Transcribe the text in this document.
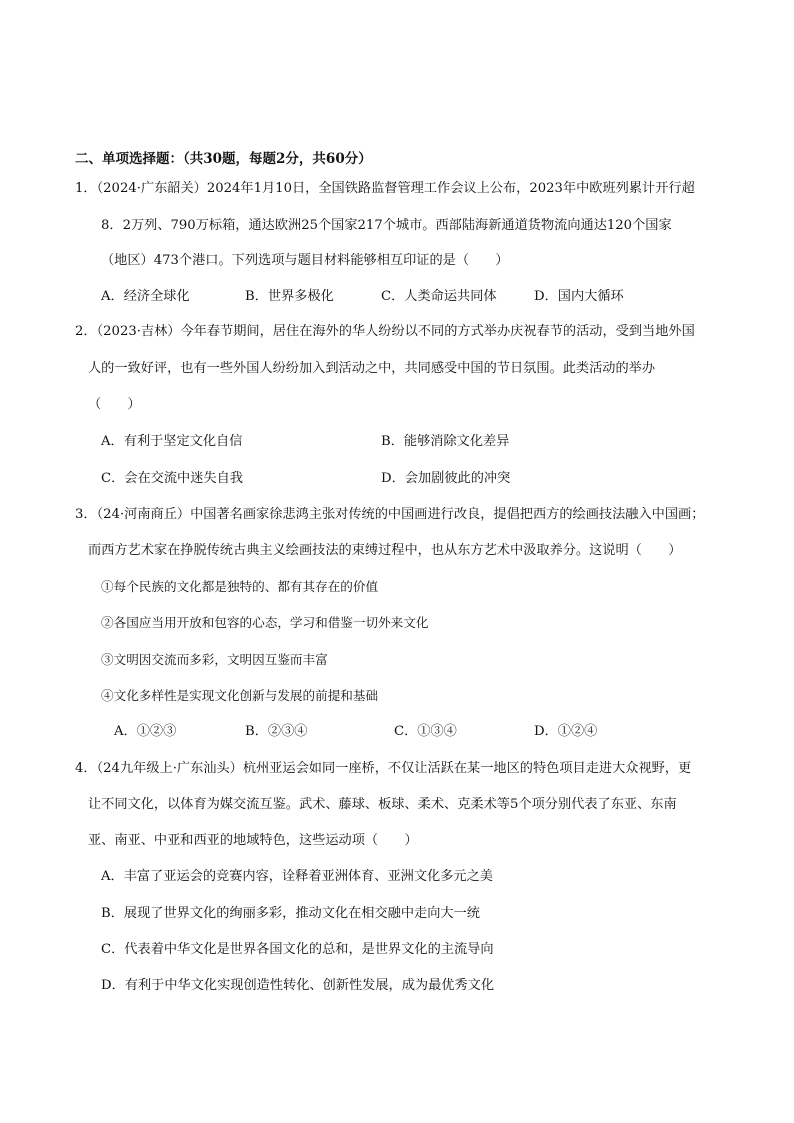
二、单项选择题：（共30题，每题2分，共60分）
1．（2024·广东韶关）2024年1月10日，全国铁路监督管理工作会议上公布，2023年中欧班列累计开行超
8．2万列、790万标箱，通达欧洲25个国家217个城市。西部陆海新通道货物流向通达120个国家
（地区）473个港口。下列选项与题目材料能够相互印证的是（　　）
A．经济全球化	B．世界多极化	C．人类命运共同体	D．国内大循环
2．（2023·吉林）今年春节期间，居住在海外的华人纷纷以不同的方式举办庆祝春节的活动，受到当地外国
人的一致好评，也有一些外国人纷纷加入到活动之中，共同感受中国的节日氛围。此类活动的举办
（　　）
A．有利于坚定文化自信	B．能够消除文化差异
C．会在交流中迷失自我	D．会加剧彼此的冲突
3．（24·河南商丘）中国著名画家徐悲鸿主张对传统的中国画进行改良，提倡把西方的绘画技法融入中国画；
而西方艺术家在挣脱传统古典主义绘画技法的束缚过程中，也从东方艺术中汲取养分。这说明（　　）
①每个民族的文化都是独特的、都有其存在的价值
②各国应当用开放和包容的心态，学习和借鉴一切外来文化
③文明因交流而多彩，文明因互鉴而丰富
④文化多样性是实现文化创新与发展的前提和基础
A．①②③	B．②③④	C．①③④	D．①②④
4．（24九年级上·广东汕头）杭州亚运会如同一座桥，不仅让活跃在某一地区的特色项目走进大众视野，更
让不同文化，以体育为媒交流互鉴。武术、藤球、板球、柔术、克柔术等5个项分别代表了东亚、东南
亚、南亚、中亚和西亚的地域特色，这些运动项（　　）
A．丰富了亚运会的竞赛内容，诠释着亚洲体育、亚洲文化多元之美
B．展现了世界文化的绚丽多彩，推动文化在相交融中走向大一统
C．代表着中华文化是世界各国文化的总和，是世界文化的主流导向
D．有利于中华文化实现创造性转化、创新性发展，成为最优秀文化
